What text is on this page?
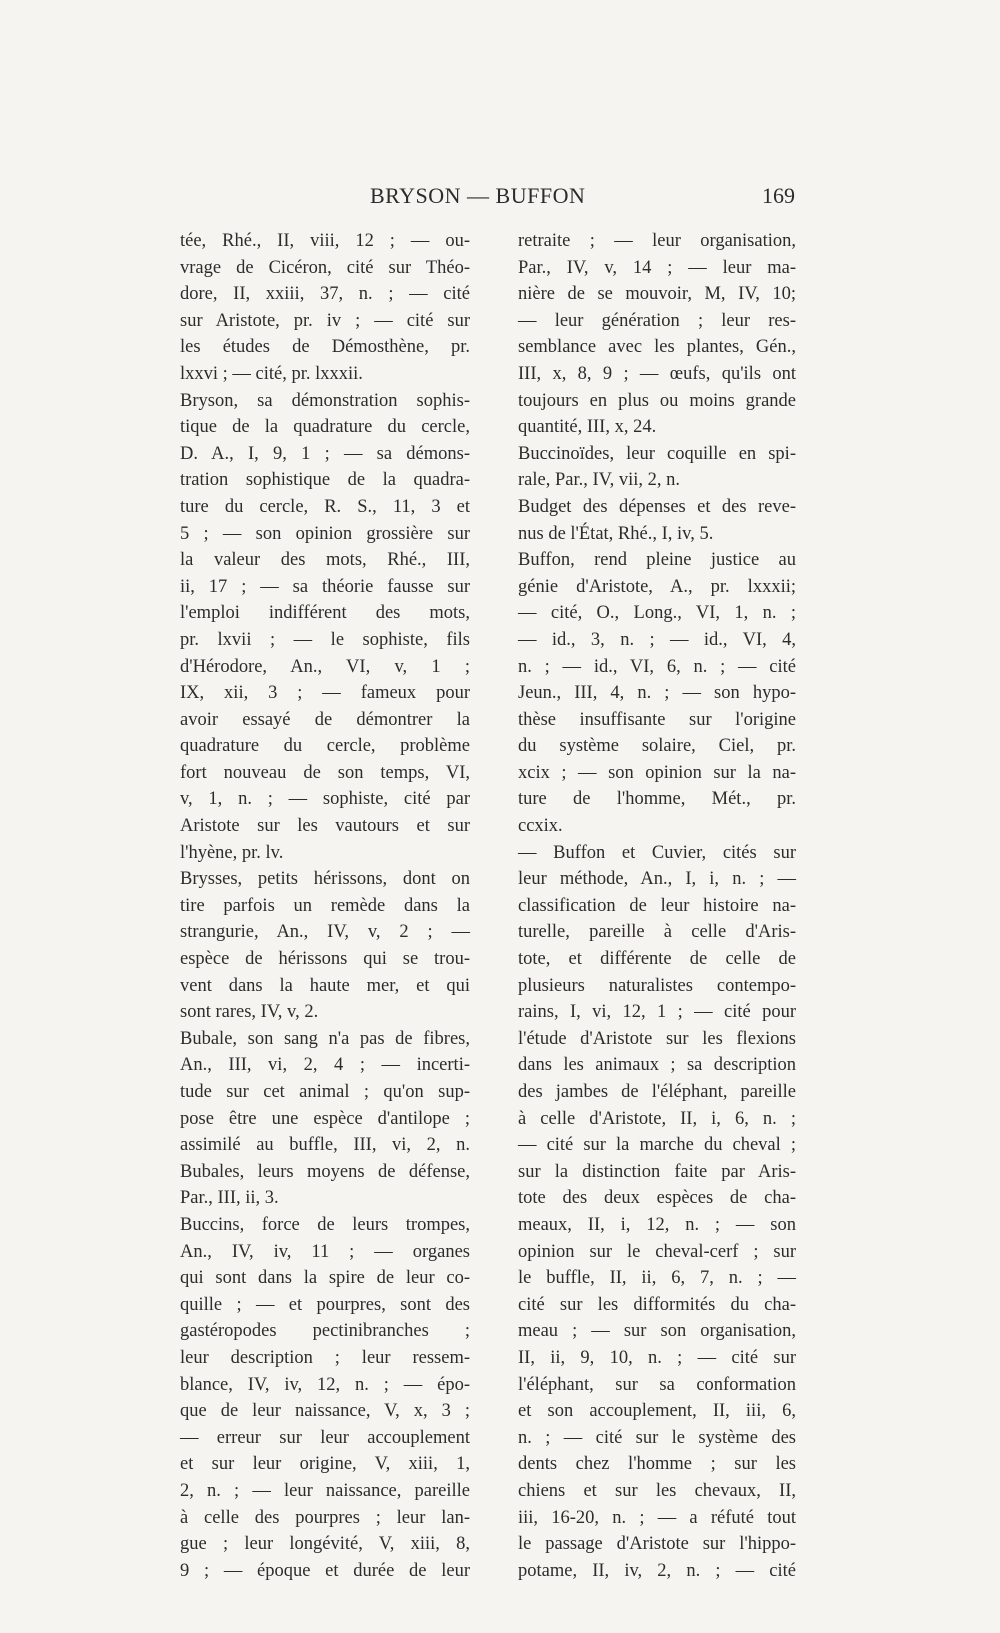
BRYSON — BUFFON	169
tée, Rhé., II, viii, 12 ; — ou-
vrage de Cicéron, cité sur Théo-
dore, II, xxiii, 37, n. ; — cité
sur Aristote, pr. iv ; — cité sur
les études de Démosthène, pr.
lxxvi ; — cité, pr. lxxxii.
Bryson, sa démonstration sophis-
tique de la quadrature du cercle,
D. A., I, 9, 1 ; — sa démons-
tration sophistique de la quadra-
ture du cercle, R. S., 11, 3 et
5 ; — son opinion grossière sur
la valeur des mots, Rhé., III,
ii, 17 ; — sa théorie fausse sur
l'emploi indifférent des mots,
pr. lxvii ; — le sophiste, fils
d'Hérodore, An., VI, v, 1 ;
IX, xii, 3 ; — fameux pour
avoir essayé de démontrer la
quadrature du cercle, problème
fort nouveau de son temps, VI,
v, 1, n. ; — sophiste, cité par
Aristote sur les vautours et sur
l'hyène, pr. lv.
Brysses, petits hérissons, dont on
tire parfois un remède dans la
strangurie, An., IV, v, 2 ; —
espèce de hérissons qui se trou-
vent dans la haute mer, et qui
sont rares, IV, v, 2.
Bubale, son sang n'a pas de fibres,
An., III, vi, 2, 4 ; — incerti-
tude sur cet animal ; qu'on sup-
pose être une espèce d'antilope ;
assimilé au buffle, III, vi, 2, n.
Bubales, leurs moyens de défense,
Par., III, ii, 3.
Buccins, force de leurs trompes,
An., IV, iv, 11 ; — organes
qui sont dans la spire de leur co-
quille ; — et pourpres, sont des
gastéropodes pectinibranches ;
leur description ; leur ressem-
blance, IV, iv, 12, n. ; — épo-
que de leur naissance, V, x, 3 ;
— erreur sur leur accouplement
et sur leur origine, V, xiii, 1,
2, n. ; — leur naissance, pareille
à celle des pourpres ; leur lan-
gue ; leur longévité, V, xiii, 8,
9 ; — époque et durée de leur
retraite ; — leur organisation,
Par., IV, v, 14 ; — leur ma-
nière de se mouvoir, M, IV, 10;
— leur génération ; leur res-
semblance avec les plantes, Gén.,
III, x, 8, 9 ; — œufs, qu'ils ont
toujours en plus ou moins grande
quantité, III, x, 24.
Buccinoïdes, leur coquille en spi-
rale, Par., IV, vii, 2, n.
Budget des dépenses et des reve-
nus de l'État, Rhé., I, iv, 5.
Buffon, rend pleine justice au
génie d'Aristote, A., pr. lxxxii;
— cité, O., Long., VI, 1, n. ;
— id., 3, n. ; — id., VI, 4,
n. ; — id., VI, 6, n. ; — cité
Jeun., III, 4, n. ; — son hypo-
thèse insuffisante sur l'origine
du système solaire, Ciel, pr.
xcix ; — son opinion sur la na-
ture de l'homme, Mét., pr.
ccxix.
— Buffon et Cuvier, cités sur
leur méthode, An., I, i, n. ; —
classification de leur histoire na-
turelle, pareille à celle d'Aris-
tote, et différente de celle de
plusieurs naturalistes contempo-
rains, I, vi, 12, 1 ; — cité pour
l'étude d'Aristote sur les flexions
dans les animaux ; sa description
des jambes de l'éléphant, pareille
à celle d'Aristote, II, i, 6, n. ;
— cité sur la marche du cheval ;
sur la distinction faite par Aris-
tote des deux espèces de cha-
meaux, II, i, 12, n. ; — son
opinion sur le cheval-cerf ; sur
le buffle, II, ii, 6, 7, n. ; —
cité sur les difformités du cha-
meau ; — sur son organisation,
II, ii, 9, 10, n. ; — cité sur
l'éléphant, sur sa conformation
et son accouplement, II, iii, 6,
n. ; — cité sur le système des
dents chez l'homme ; sur les
chiens et sur les chevaux, II,
iii, 16-20, n. ; — a réfuté tout
le passage d'Aristote sur l'hippo-
potame, II, iv, 2, n. ; — cité
